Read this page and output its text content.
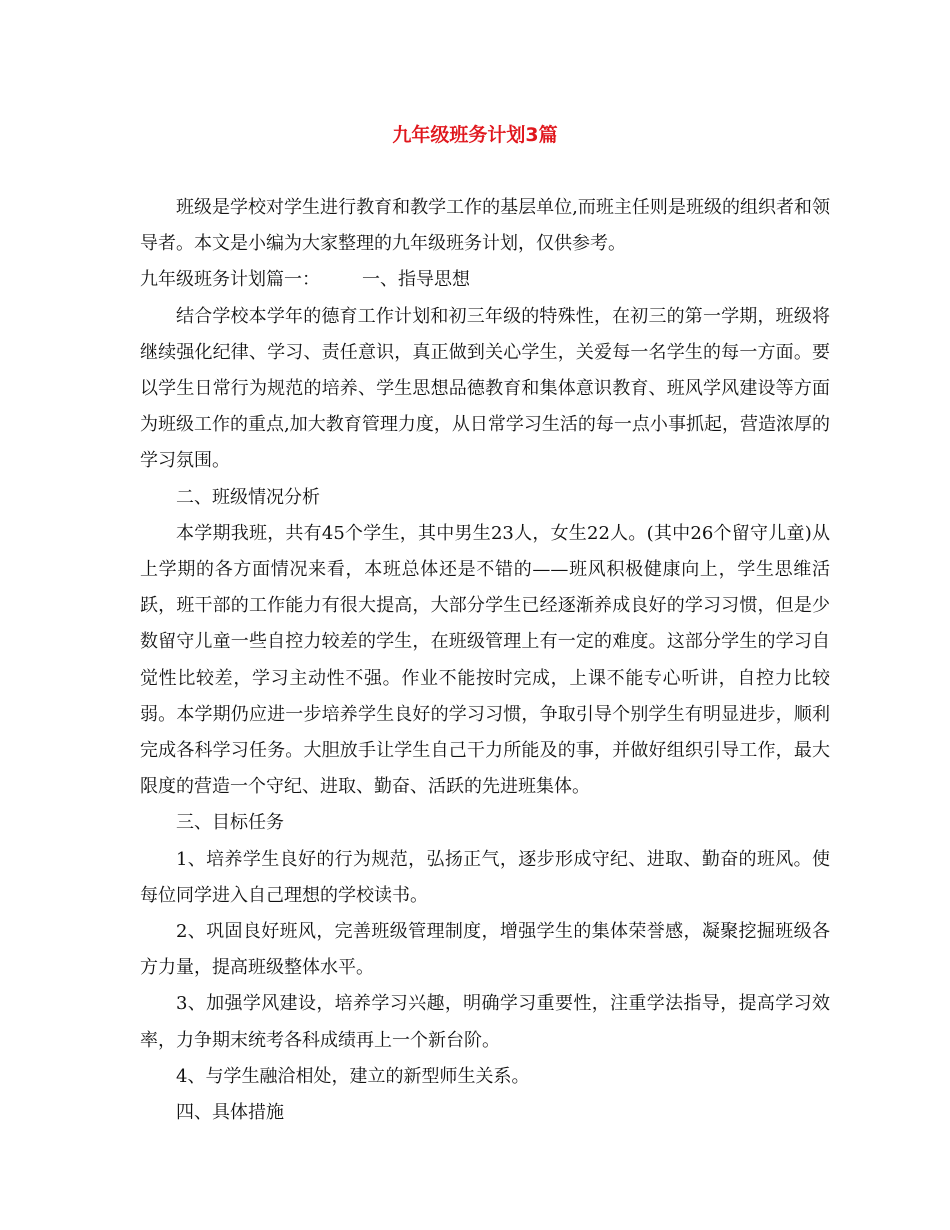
九年级班务计划3篇

班级是学校对学生进行教育和教学工作的基层单位,而班主任则是班级的组织者和领导者。本文是小编为大家整理的九年级班务计划，仅供参考。

九年级班务计划篇一： 一、指导思想

结合学校本学年的德育工作计划和初三年级的特殊性，在初三的第一学期，班级将继续强化纪律、学习、责任意识，真正做到关心学生，关爱每一名学生的每一方面。要以学生日常行为规范的培养、学生思想品德教育和集体意识教育、班风学风建设等方面为班级工作的重点,加大教育管理力度，从日常学习生活的每一点小事抓起，营造浓厚的学习氛围。

二、班级情况分析

本学期我班，共有45个学生，其中男生23人，女生22人。(其中26个留守儿童)从上学期的各方面情况来看，本班总体还是不错的——班风积极健康向上，学生思维活跃，班干部的工作能力有很大提高，大部分学生已经逐渐养成良好的学习习惯，但是少数留守儿童一些自控力较差的学生，在班级管理上有一定的难度。这部分学生的学习自觉性比较差，学习主动性不强。作业不能按时完成，上课不能专心听讲，自控力比较弱。本学期仍应进一步培养学生良好的学习习惯，争取引导个别学生有明显进步，顺利完成各科学习任务。大胆放手让学生自己干力所能及的事，并做好组织引导工作，最大限度的营造一个守纪、进取、勤奋、活跃的先进班集体。

三、目标任务

1、培养学生良好的行为规范，弘扬正气，逐步形成守纪、进取、勤奋的班风。使每位同学进入自己理想的学校读书。

2、巩固良好班风，完善班级管理制度，增强学生的集体荣誉感，凝聚挖掘班级各方力量，提高班级整体水平。

3、加强学风建设，培养学习兴趣，明确学习重要性，注重学法指导，提高学习效率，力争期末统考各科成绩再上一个新台阶。

4、与学生融洽相处，建立的新型师生关系。

四、具体措施
